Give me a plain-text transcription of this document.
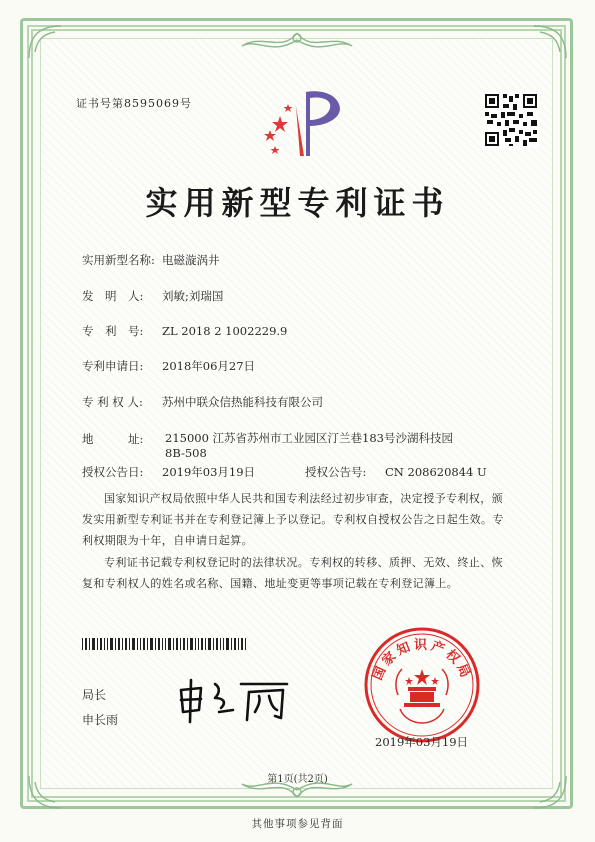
证书号第8595069号
实用新型专利证书
实用新型名称: 电磁漩涡井
发　明　人: 刘敏;刘瑞国
专　利　号: ZL 2018 2 1002229.9
专利申请日: 2018年06月27日
专 利 权 人: 苏州中联众信热能科技有限公司
地　　　址:	215000 江苏省苏州市工业园区汀兰巷183号沙湖科技园8B-508
授权公告日: 2019年03月19日	授权公告号: CN 208620844 U
国家知识产权局依照中华人民共和国专利法经过初步审查，决定授予专利权，颁发实用新型专利证书并在专利登记簿上予以登记。专利权自授权公告之日起生效。专利权期限为十年，自申请日起算。
专利证书记载专利权登记时的法律状况。专利权的转移、质押、无效、终止、恢复和专利权人的姓名或名称、国籍、地址变更等事项记载在专利登记簿上。
局长
申长雨
国家知识产权局
2019年03月19日
第1页(共2页)
其他事项参见背面
